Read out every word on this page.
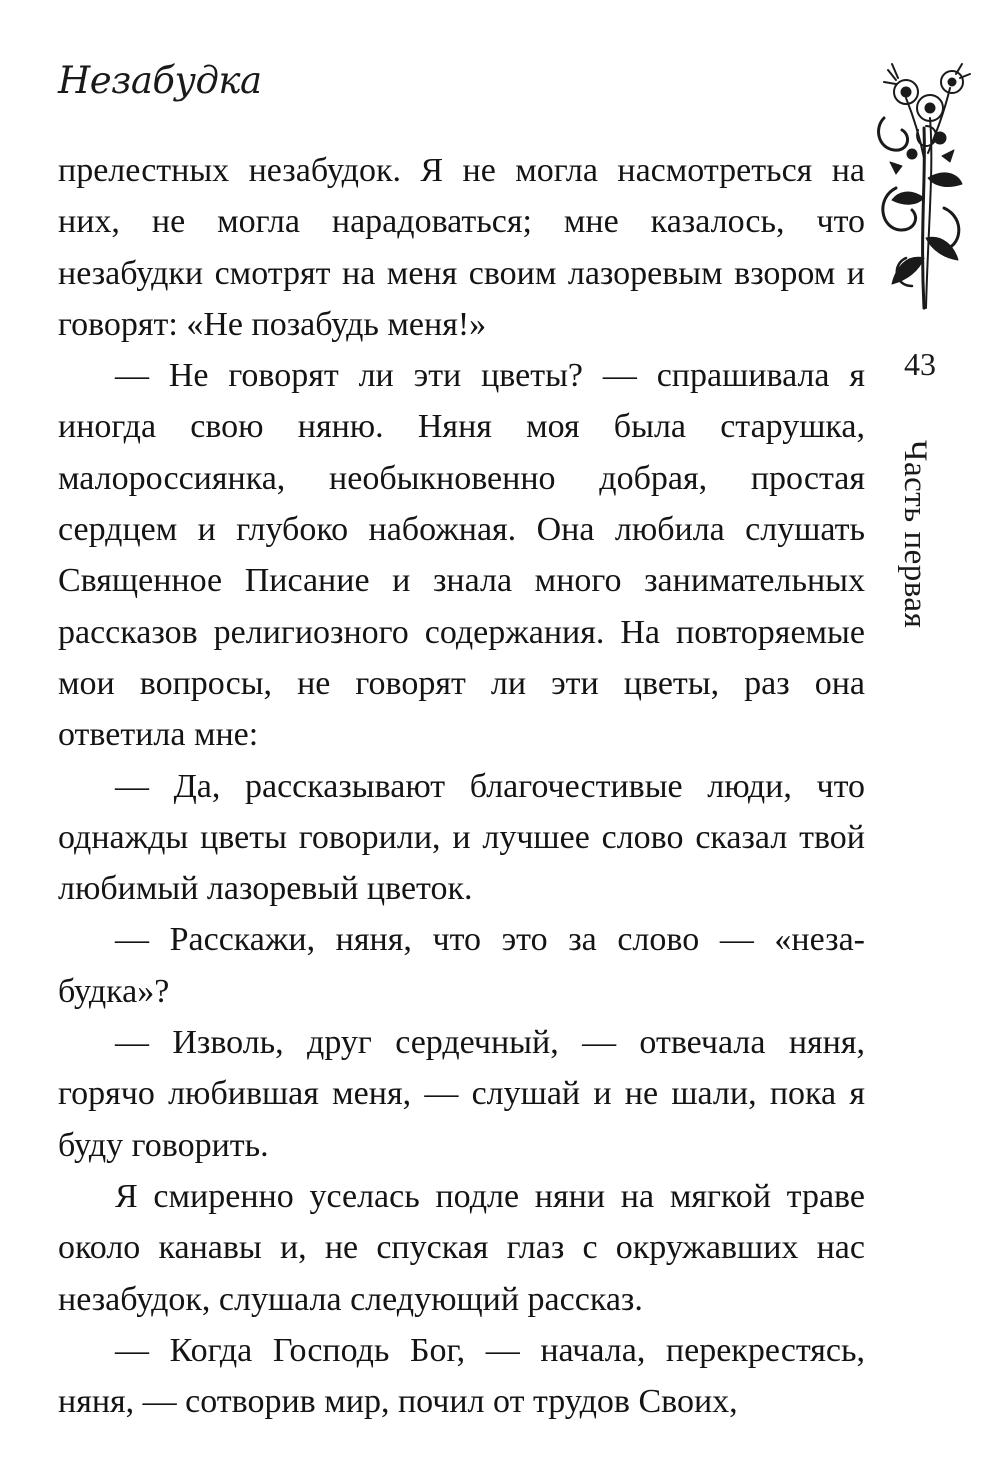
Незабудка
43
Часть первая

прелестных незабудок. Я не могла насмотреться на них, не могла нарадоваться; мне казалось, что незабудки смотрят на меня своим лазоревым взором и говорят: «Не позабудь меня!»

— Не говорят ли эти цветы? — спрашивала я иногда свою няню. Няня моя была старушка, малороссиянка, необыкновенно добрая, простая сердцем и глубоко набожная. Она любила слушать Священное Писание и знала много занимательных рассказов религиозного содержания. На повторяемые мои вопросы, не говорят ли эти цветы, раз она ответила мне:

— Да, рассказывают благочестивые люди, что однажды цветы говорили, и лучшее слово сказал твой любимый лазоревый цветок.

— Расскажи, няня, что это за слово — «незабудка»?

— Изволь, друг сердечный, — отвечала няня, горячо любившая меня, — слушай и не шали, пока я буду говорить.

Я смиренно уселась подле няни на мягкой траве около канавы и, не спуская глаз с окружавших нас незабудок, слушала следующий рассказ.

— Когда Господь Бог, — начала, перекрестясь, няня, — сотворив мир, почил от трудов Своих,
